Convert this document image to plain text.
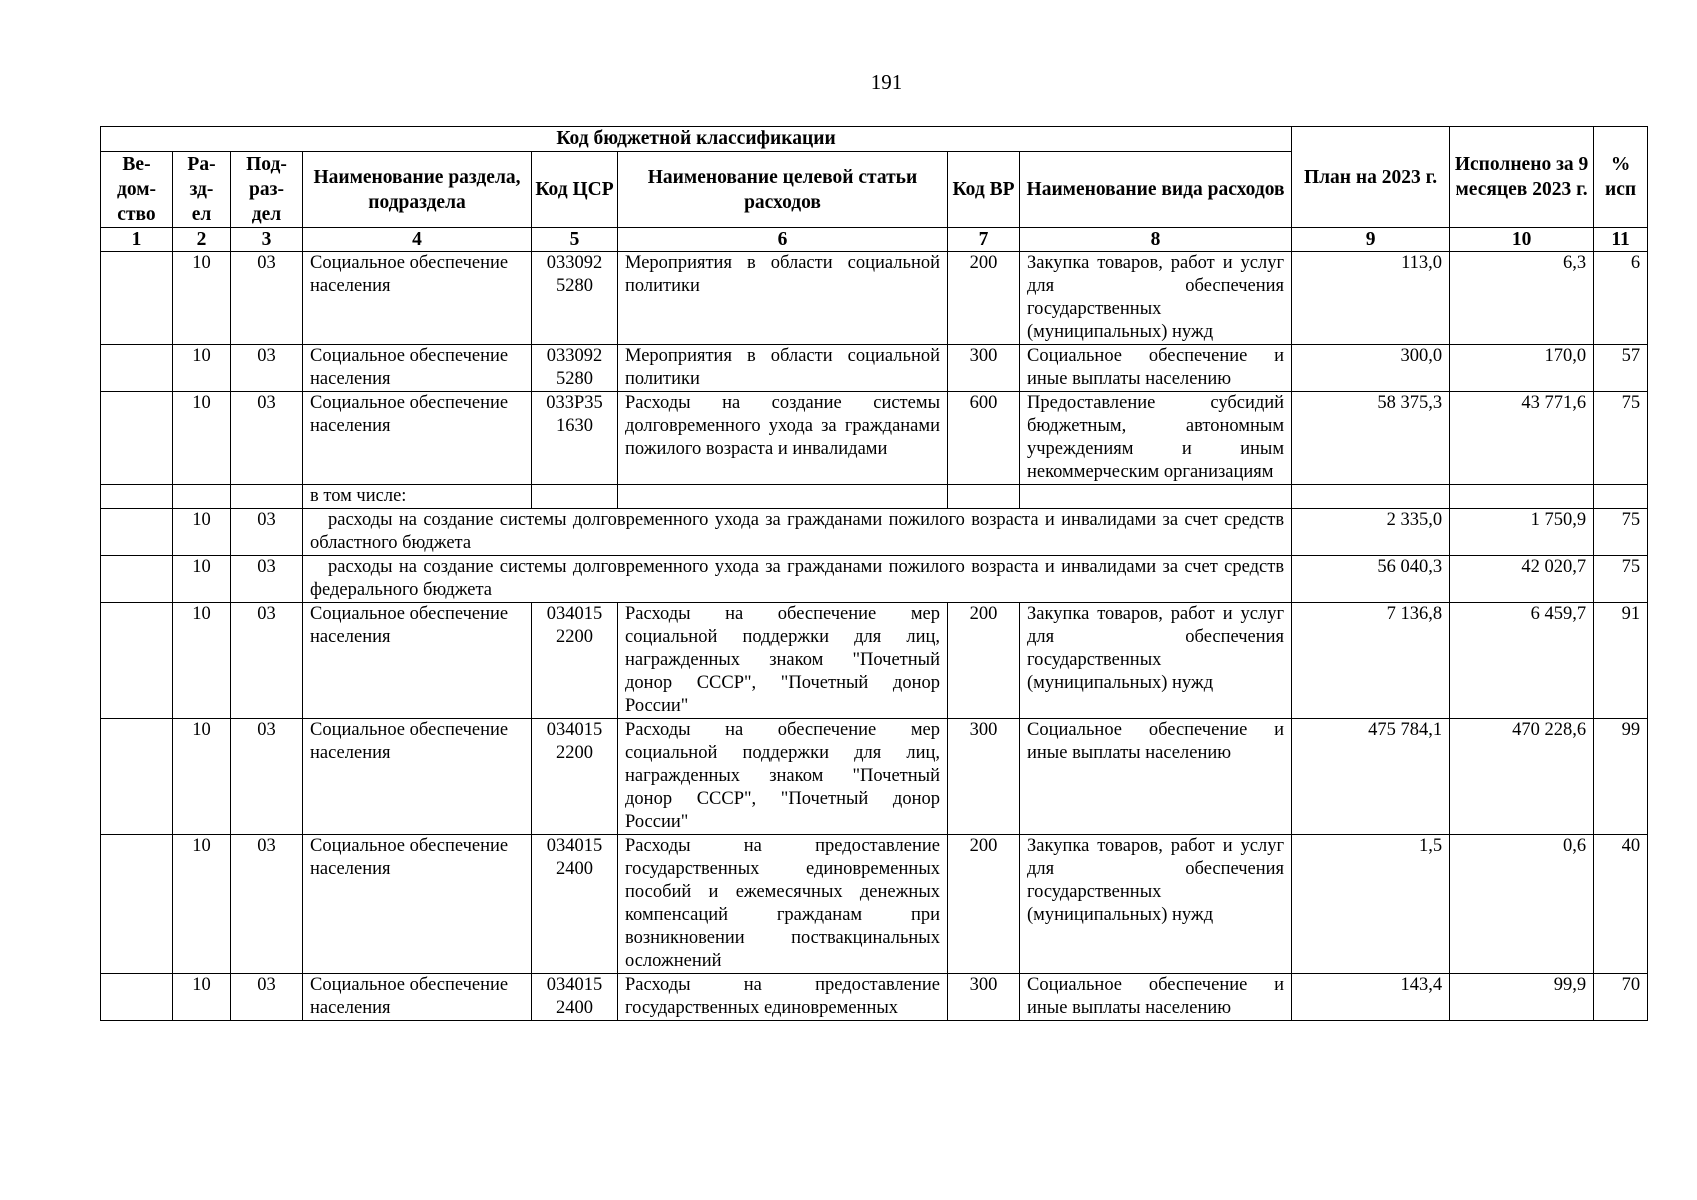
191
Код бюджетной классификации								План на 2023 г.	Исполнено за 9 месяцев 2023 г.	% исп
Ве-
дом-
ство	Ра-
зд-
ел	Под-
раз-
дел	Наименование раздела, подраздела	Код ЦСР	Наименование целевой статьи расходов	Код ВР	Наименование вида расходов			
1	2	3	4	5	6	7	8	9	10	11
	10	03	Социальное обеспечение населения	033092 5280	Мероприятия в области социальной политики	200	Закупка товаров, работ и услуг для обеспечения государственных (муниципальных) нужд	113,0	6,3	6
	10	03	Социальное обеспечение населения	033092 5280	Мероприятия в области социальной политики	300	Социальное обеспечение и иные выплаты населению	300,0	170,0	57
	10	03	Социальное обеспечение населения	033P35 1630	Расходы на создание системы долговременного ухода за гражданами пожилого возраста и инвалидами	600	Предоставление субсидий бюджетным, автономным учреждениям и иным некоммерческим организациям	58 375,3	43 771,6	75
			в том числе:							
	10	03	расходы на создание системы долговременного ухода за гражданами пожилого возраста и инвалидами за счет средств областного бюджета					2 335,0	1 750,9	75
	10	03	расходы на создание системы долговременного ухода за гражданами пожилого возраста и инвалидами за счет средств федерального бюджета					56 040,3	42 020,7	75
	10	03	Социальное обеспечение населения	034015 2200	Расходы на обеспечение мер социальной поддержки для лиц, награжденных знаком "Почетный донор СССР", "Почетный донор России"	200	Закупка товаров, работ и услуг для обеспечения государственных (муниципальных) нужд	7 136,8	6 459,7	91
	10	03	Социальное обеспечение населения	034015 2200	Расходы на обеспечение мер социальной поддержки для лиц, награжденных знаком "Почетный донор СССР", "Почетный донор России"	300	Социальное обеспечение и иные выплаты населению	475 784,1	470 228,6	99
	10	03	Социальное обеспечение населения	034015 2400	Расходы на предоставление государственных единовременных пособий и ежемесячных денежных компенсаций гражданам при возникновении поствакцинальных осложнений	200	Закупка товаров, работ и услуг для обеспечения государственных (муниципальных) нужд	1,5	0,6	40
	10	03	Социальное обеспечение населения	034015 2400	Расходы на предоставление государственных единовременных	300	Социальное обеспечение и иные выплаты населению	143,4	99,9	70
